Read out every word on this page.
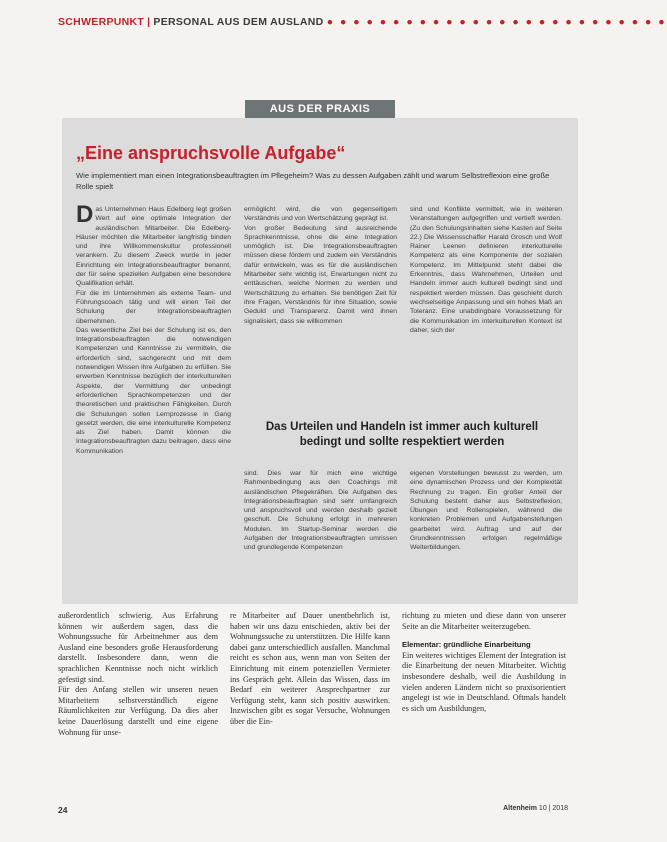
SCHWERPUNKT | PERSONAL AUS DEM AUSLAND ● ● ● ● ● ● ● ● ● ● ● ● ● ● ● ● ● ● ● ● ● ● ● ● ● ●
AUS DER PRAXIS
„Eine anspruchsvolle Aufgabe“
Wie implementiert man einen Integrationsbeauftragten im Pflegeheim? Was zu dessen Aufgaben zählt und warum Selbstreflexion eine große Rolle spielt

Das Unternehmen Haus Edelberg legt großen Wert auf eine optimale Integration der ausländischen Mitarbeiter. Die Edelberg-Häuser möchten die Mitarbeiter langfristig binden und ihre Willkommenskultur professionell verankern. Zu diesem Zweck wurde in jeder Einrichtung ein Integrationsbeauftragter benannt, der für seine speziellen Aufgaben eine besondere Qualifikation erhält.

Für die im Unternehmen als externe Team- und Führungscoach tätig und will einen Teil der Schulung der Integrationsbeauftragten übernehmen.

Das wesentliche Ziel bei der Schulung ist es, den Integrationsbeauftragten die notwendigen Kompetenzen und Kenntnisse zu vermitteln, die erforderlich sind, sachgerecht und mit dem notwendigen Wissen ihre Aufgaben zu erfüllen. Sie erwerben Kenntnisse bezüglich der interkulturellen Aspekte, der Vermittlung der unbedingt erforderlichen Sprachkompetenzen und der theoretischen und praktischen Fähigkeiten. Durch die Schulungen sollen Lernprozesse in Gang gesetzt werden, die eine interkulturelle Kompetenz als Ziel haben. Damit können die Integrationsbeauftragten dazu beitragen, dass eine Kommunikation

ermöglicht wird, die von gegenseitigem Verständnis und von Wertschätzung geprägt ist.

Von großer Bedeutung sind ausreichende Sprachkenntnisse, ohne die eine Integration unmöglich ist. Die Integrationsbeauftragten müssen diese fördern und zudem ein Verständnis dafür entwickeln, was es für die ausländischen Mitarbeiter sehr wichtig ist, Erwartungen nicht zu enttäuschen, welche Normen zu werden und Wertschätzung zu erhalten. Sie benötigen Zeit für ihre Fragen, Verständnis für ihre Situation, sowie Geduld und Transparenz. Damit wird ihnen signalisiert, dass sie willkommen

sind und Konflikte vermittelt, wie in weiteren Veranstaltungen aufgegriffen und vertieft werden. (Zu den Schulungsinhalten siehe Kasten auf Seite 22.) Die Wissensschaffer Harald Grosch und Wolf Rainer Leenen definieren interkulturelle Kompetenz als eine Komponente der sozialen Kompetenz. Im Mittelpunkt steht dabei die Erkenntnis, dass Wahrnehmen, Urteilen und Handeln immer auch kulturell bedingt sind und respektiert werden müssen. Das geschieht durch wechselseitige Anpassung und ein hohes Maß an Toleranz. Eine unabdingbare Voraussetzung für die Kommunikation im interkulturellen Kontext ist daher, sich der

Das Urteilen und Handeln ist immer auch kulturell bedingt und sollte respektiert werden

sind. Dies war für mich eine wichtige Rahmenbedingung aus den Coachings mit ausländischen Pflegekräften. Die Aufgaben des Integrationsbeauftragten sind sehr umfangreich und anspruchsvoll und werden deshalb gezielt geschult. Die Schulung erfolgt in mehreren Modulen. Im Startup-Seminar werden die Aufgaben der Integrationsbeauftragten umrissen und grundlegende Kompetenzen

eigenen Vorstellungen bewusst zu werden, um eine dynamischen Prozess und der Komplexität Rechnung zu tragen. Ein großer Anteil der Schulung besteht daher aus Selbstreflexion, Übungen und Rollenspielen, während die konkreten Problemen und Aufgabenstellungen gearbeitet wird. Auftrag und auf der Grundkenntnissen erfolgen regelmäßige Weiterbildungen.

außerordentlich schwierig. Aus Erfahrung können wir außerdem sagen, dass die Wohnungssuche für Arbeitnehmer aus dem Ausland eine besonders große Herausforderung darstellt. Insbesondere dann, wenn die sprachlichen Kenntnisse noch nicht wirklich gefestigt sind.

Für den Anfang stellen wir unseren neuen Mitarbeitern selbstverständlich eigene Räumlichkeiten zur Verfügung. Da dies aber keine Dauerlösung darstellt und eine eigene Wohnung für unse-

re Mitarbeiter auf Dauer unentbehrlich ist, haben wir uns dazu entschieden, aktiv bei der Wohnungssuche zu unterstützen. Die Hilfe kann dabei ganz unterschiedlich ausfallen. Manchmal reicht es schon aus, wenn man von Seiten der Einrichtung mit einem potenziellen Vermieter ins Gespräch geht. Allein das Wissen, dass im Bedarf ein weiterer Ansprechpartner zur Verfügung steht, kann sich positiv auswirken. Inzwischen gibt es sogar Versuche, Wohnungen über die Ein-

richtung zu mieten und diese dann von unserer Seite an die Mitarbeiter weiterzugeben.

Elementar: gründliche Einarbeitung

Ein weiteres wichtiges Element der Integration ist die Einarbeitung der neuen Mitarbeiter. Wichtig insbesondere deshalb, weil die Ausbildung in vielen anderen Ländern nicht so praxisorientiert angelegt ist wie in Deutschland. Oftmals handelt es sich um Ausbildungen,

24	Altenheim 10 | 2018
